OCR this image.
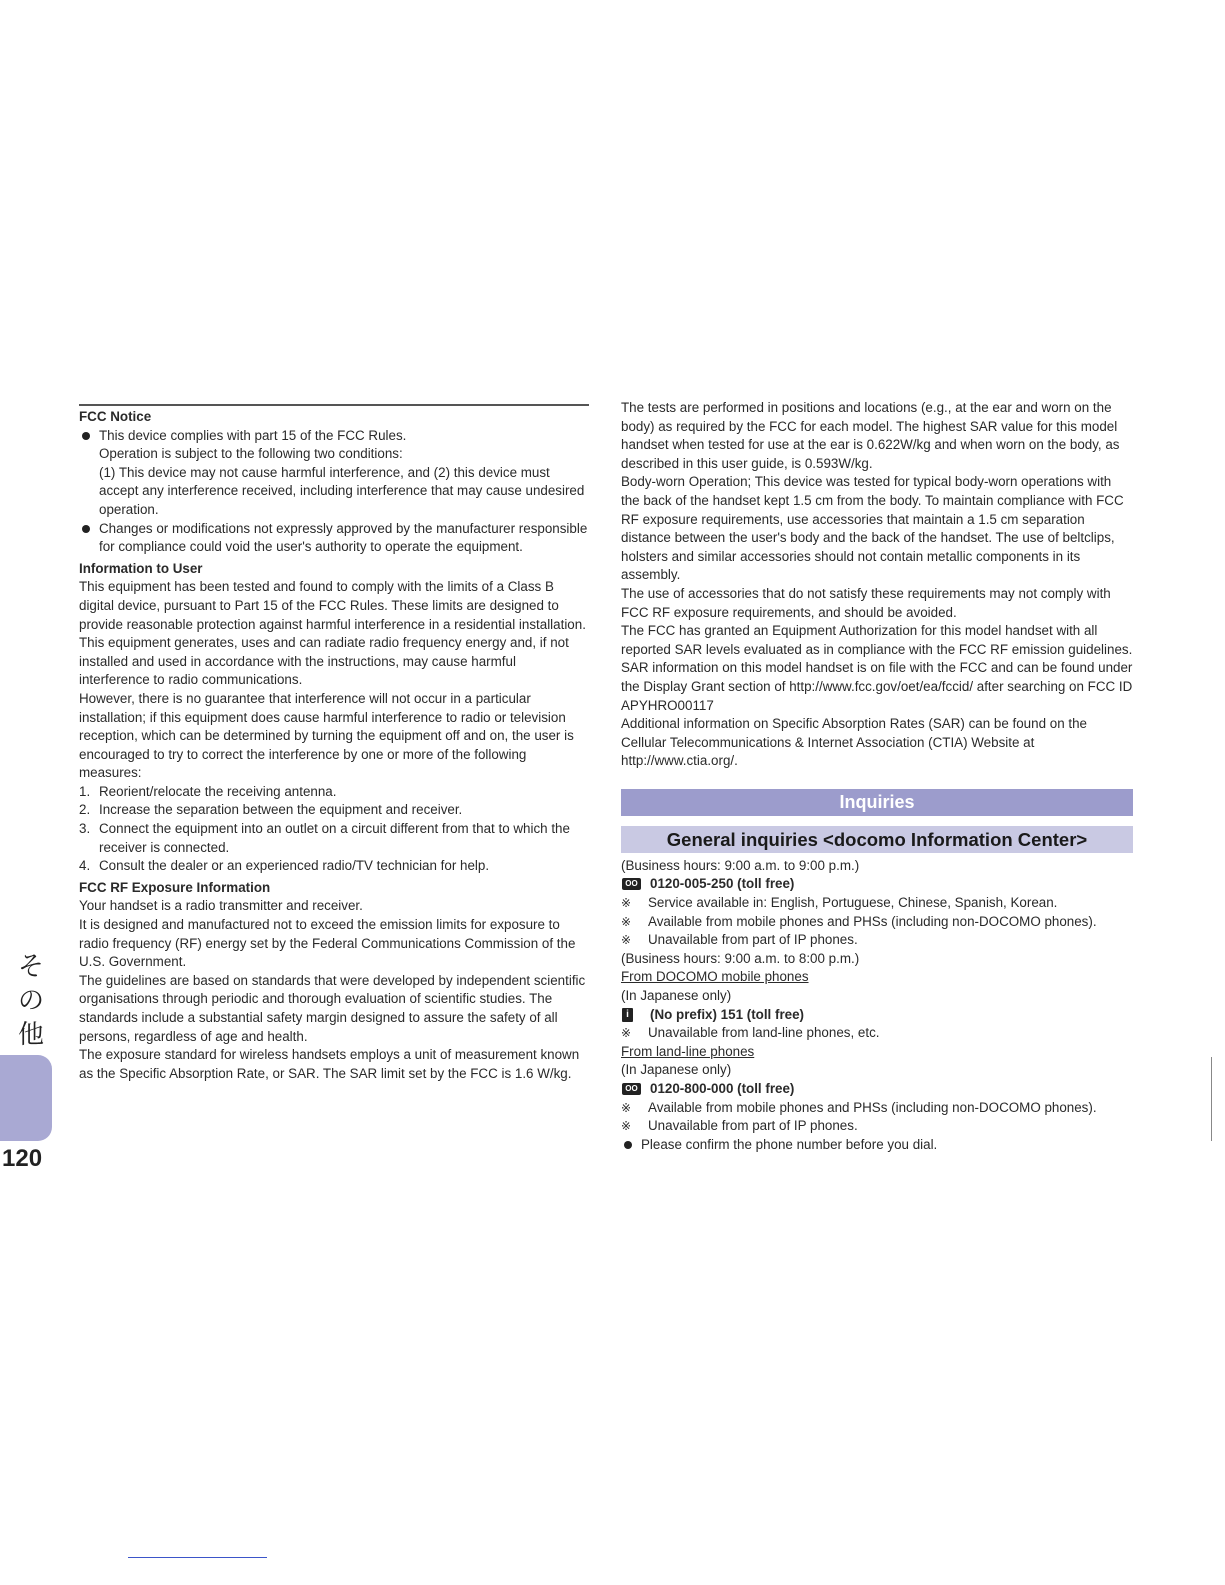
FCC Notice
This device complies with part 15 of the FCC Rules.
Operation is subject to the following two conditions:
(1) This device may not cause harmful interference, and (2) this device must accept any interference received, including interference that may cause undesired operation.
Changes or modifications not expressly approved by the manufacturer responsible for compliance could void the user's authority to operate the equipment.
Information to User

This equipment has been tested and found to comply with the limits of a Class B digital device, pursuant to Part 15 of the FCC Rules. These limits are designed to provide reasonable protection against harmful interference in a residential installation. This equipment generates, uses and can radiate radio frequency energy and, if not installed and used in accordance with the instructions, may cause harmful interference to radio communications.

However, there is no guarantee that interference will not occur in a particular installation; if this equipment does cause harmful interference to radio or television reception, which can be determined by turning the equipment off and on, the user is encouraged to try to correct the interference by one or more of the following measures:

1. Reorient/relocate the receiving antenna.
2. Increase the separation between the equipment and receiver.
3. Connect the equipment into an outlet on a circuit different from that to which the receiver is connected.
4. Consult the dealer or an experienced radio/TV technician for help.
FCC RF Exposure Information

Your handset is a radio transmitter and receiver.

It is designed and manufactured not to exceed the emission limits for exposure to radio frequency (RF) energy set by the Federal Communications Commission of the U.S. Government.

The guidelines are based on standards that were developed by independent scientific organisations through periodic and thorough evaluation of scientific studies. The standards include a substantial safety margin designed to assure the safety of all persons, regardless of age and health.

The exposure standard for wireless handsets employs a unit of measurement known as the Specific Absorption Rate, or SAR. The SAR limit set by the FCC is 1.6 W/kg.

The tests are performed in positions and locations (e.g., at the ear and worn on the body) as required by the FCC for each model. The highest SAR value for this model handset when tested for use at the ear is 0.622W/kg and when worn on the body, as described in this user guide, is 0.593W/kg.

Body-worn Operation; This device was tested for typical body-worn operations with the back of the handset kept 1.5 cm from the body. To maintain compliance with FCC RF exposure requirements, use accessories that maintain a 1.5 cm separation distance between the user's body and the back of the handset. The use of beltclips, holsters and similar accessories should not contain metallic components in its assembly.

The use of accessories that do not satisfy these requirements may not comply with FCC RF exposure requirements, and should be avoided.

The FCC has granted an Equipment Authorization for this model handset with all reported SAR levels evaluated as in compliance with the FCC RF emission guidelines. SAR information on this model handset is on file with the FCC and can be found under the Display Grant section of http://www.fcc.gov/oet/ea/fccid/ after searching on FCC ID APYHRO00117

Additional information on Specific Absorption Rates (SAR) can be found on the Cellular Telecommunications & Internet Association (CTIA) Website at http://www.ctia.org/.

Inquiries
General inquiries <docomo Information Center>
(Business hours: 9:00 a.m. to 9:00 p.m.)
OO 0120-005-250 (toll free)
※ Service available in: English, Portuguese, Chinese, Spanish, Korean.
※ Available from mobile phones and PHSs (including non-DOCOMO phones).
※ Unavailable from part of IP phones.
(Business hours: 9:00 a.m. to 8:00 p.m.)
From DOCOMO mobile phones
(In Japanese only)
i	(No prefix) 151 (toll free)
※ Unavailable from land-line phones, etc.
From land-line phones
(In Japanese only)
OO 0120-800-000 (toll free)
※ Available from mobile phones and PHSs (including non-DOCOMO phones).
※ Unavailable from part of IP phones.
Please confirm the phone number before you dial.
その他
120
